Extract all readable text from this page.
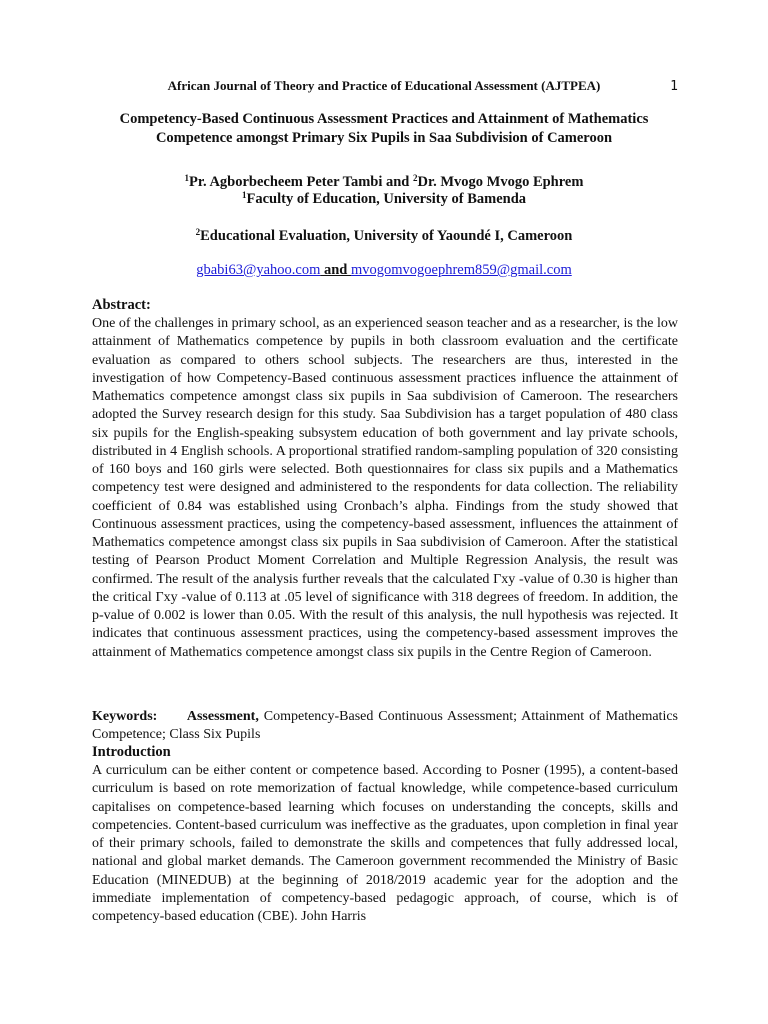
African Journal of Theory and Practice of Educational Assessment (AJTPEA)	1
Competency-Based Continuous Assessment Practices and Attainment of Mathematics
Competence amongst Primary Six Pupils in Saa Subdivision of Cameroon
$^1$Pr. Agborbecheem Peter Tambi and $^2$Dr. Mvogo Mvogo Ephrem
$^1$Faculty of Education, University of Bamenda
$^2$Educational Evaluation, University of Yaoundé I, Cameroon
gbabi63@yahoo.com and mvogomvogoephrem859@gmail.com
Abstract:
One of the challenges in primary school, as an experienced season teacher and as a researcher, is the low attainment of Mathematics competence by pupils in both classroom evaluation and the certificate evaluation as compared to others school subjects. The researchers are thus, interested in the investigation of how Competency-Based continuous assessment practices influence the attainment of Mathematics competence amongst class six pupils in Saa subdivision of Cameroon. The researchers adopted the Survey research design for this study. Saa Subdivision has a target population of 480 class six pupils for the English-speaking subsystem education of both government and lay private schools, distributed in 4 English schools. A proportional stratified random-sampling population of 320 consisting of 160 boys and 160 girls were selected. Both questionnaires for class six pupils and a Mathematics competency test were designed and administered to the respondents for data collection. The reliability coefficient of 0.84 was established using Cronbach’s alpha. Findings from the study showed that Continuous assessment practices, using the competency-based assessment, influences the attainment of Mathematics competence amongst class six pupils in Saa subdivision of Cameroon. After the statistical testing of Pearson Product Moment Correlation and Multiple Regression Analysis, the result was confirmed. The result of the analysis further reveals that the calculated Γxy -value of 0.30 is higher than the critical Γxy -value of 0.113 at .05 level of significance with 318 degrees of freedom. In addition, the p-value of 0.002 is lower than 0.05. With the result of this analysis, the null hypothesis was rejected. It indicates that continuous assessment practices, using the competency-based assessment improves the attainment of Mathematics competence amongst class six pupils in the Centre Region of Cameroon.
Keywords: Assessment, Competency-Based Continuous Assessment; Attainment of Mathematics Competence; Class Six Pupils
Introduction
A curriculum can be either content or competence based. According to Posner (1995), a content-based curriculum is based on rote memorization of factual knowledge, while competence-based curriculum capitalises on competence-based learning which focuses on understanding the concepts, skills and competencies. Content-based curriculum was ineffective as the graduates, upon completion in final year of their primary schools, failed to demonstrate the skills and competences that fully addressed local, national and global market demands. The Cameroon government recommended the Ministry of Basic Education (MINEDUB) at the beginning of 2018/2019 academic year for the adoption and the immediate implementation of competency-based pedagogic approach, of course, which is of competency-based education (CBE). John Harris
